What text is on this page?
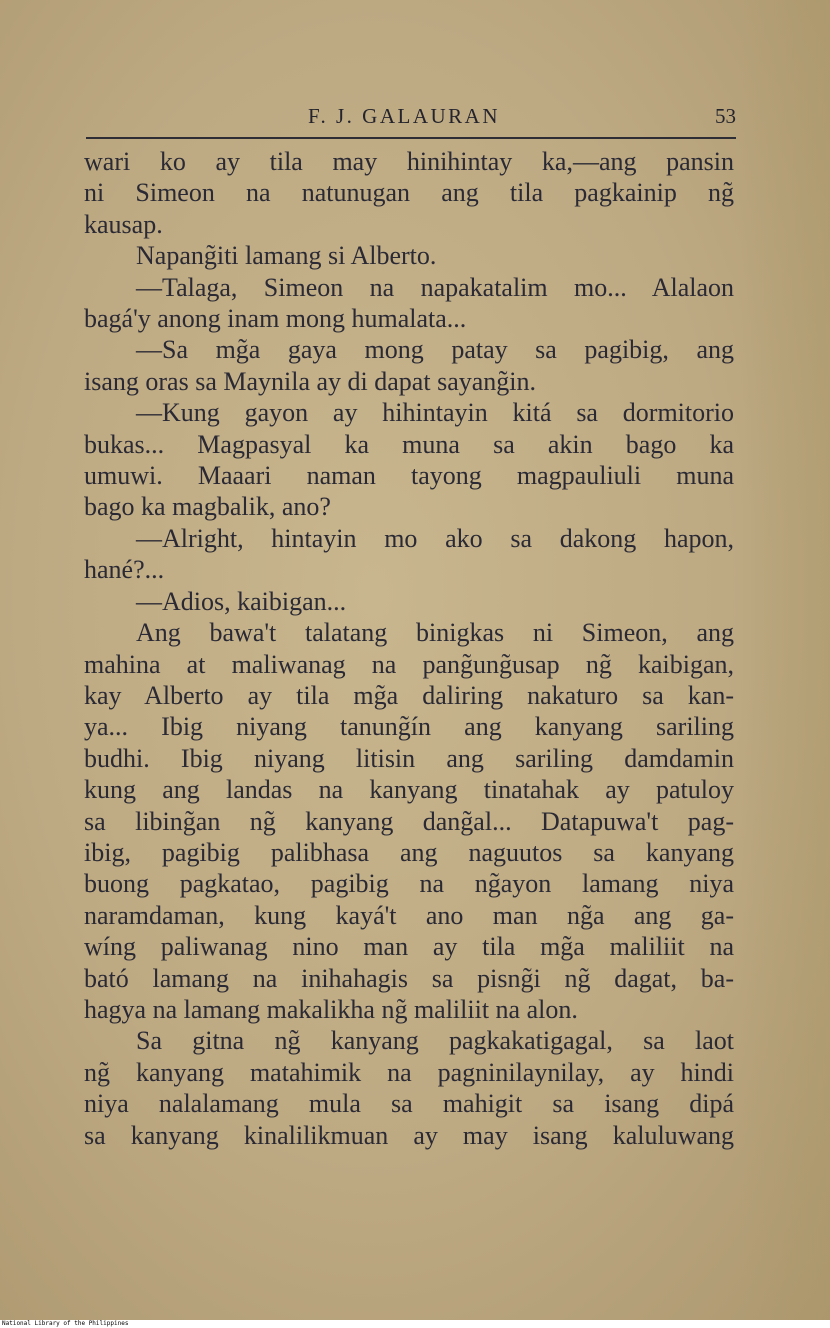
F. J. GALAURAN	53
wari ko ay tila may hinihintay ka,—ang pansin
ni Simeon na natunugan ang tila pagkainip ng̃
kausap.
Napang̃iti lamang si Alberto.
—Talaga, Simeon na napakatalim mo... Alalaon
bagá'y anong inam mong humalata...
—Sa mg̃a gaya mong patay sa pagibig, ang
isang oras sa Maynila ay di dapat sayang̃in.
—Kung gayon ay hihintayin kitá sa dormitorio
bukas... Magpasyal ka muna sa akin bago ka
umuwi. Maaari naman tayong magpauliuli muna
bago ka magbalik, ano?
—Alright, hintayin mo ako sa dakong hapon,
hané?...
—Adios, kaibigan...
Ang bawa't talatang binigkas ni Simeon, ang
mahina at maliwanag na pang̃ung̃usap ng̃ kaibigan,
kay Alberto ay tila mg̃a daliring nakaturo sa kan-
ya... Ibig niyang tanung̃ín ang kanyang sariling
budhi. Ibig niyang litisin ang sariling damdamin
kung ang landas na kanyang tinatahak ay patuloy
sa libing̃an ng̃ kanyang dang̃al... Datapuwa't pag-
ibig, pagibig palibhasa ang naguutos sa kanyang
buong pagkatao, pagibig na ng̃ayon lamang niya
naramdaman, kung kayá't ano man ng̃a ang ga-
wíng paliwanag nino man ay tila mg̃a maliliit na
bató lamang na inihahagis sa pisng̃i ng̃ dagat, ba-
hagya na lamang makalikha ng̃ maliliit na alon.
Sa gitna ng̃ kanyang pagkakatigagal, sa laot
ng̃ kanyang matahimik na pagninilaynilay, ay hindi
niya nalalamang mula sa mahigit sa isang dipá
sa kanyang kinalilikmuan ay may isang kaluluwang
National Library of the Philippines
